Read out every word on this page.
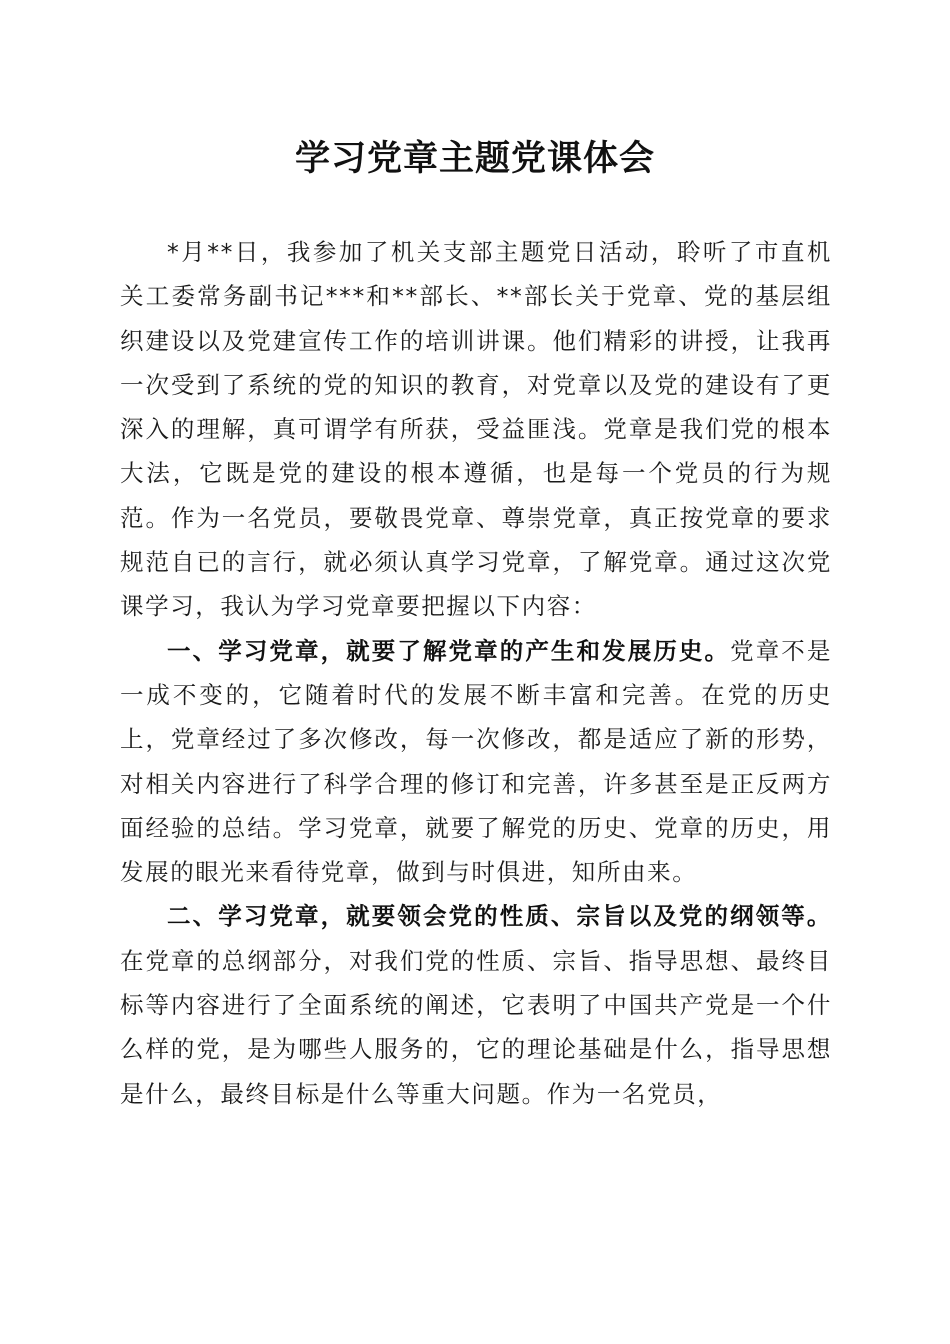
学习党章主题党课体会

*月**日，我参加了机关支部主题党日活动，聆听了市直机关工委常务副书记***和**部长、**部长关于党章、党的基层组织建设以及党建宣传工作的培训讲课。他们精彩的讲授，让我再一次受到了系统的党的知识的教育，对党章以及党的建设有了更深入的理解，真可谓学有所获，受益匪浅。党章是我们党的根本大法，它既是党的建设的根本遵循，也是每一个党员的行为规范。作为一名党员，要敬畏党章、尊崇党章，真正按党章的要求规范自已的言行，就必须认真学习党章，了解党章。通过这次党课学习，我认为学习党章要把握以下内容：

一、学习党章，就要了解党章的产生和发展历史。党章不是一成不变的，它随着时代的发展不断丰富和完善。在党的历史上，党章经过了多次修改，每一次修改，都是适应了新的形势，对相关内容进行了科学合理的修订和完善，许多甚至是正反两方面经验的总结。学习党章，就要了解党的历史、党章的历史，用发展的眼光来看待党章，做到与时俱进，知所由来。

二、学习党章，就要领会党的性质、宗旨以及党的纲领等。在党章的总纲部分，对我们党的性质、宗旨、指导思想、最终目标等内容进行了全面系统的阐述，它表明了中国共产党是一个什么样的党，是为哪些人服务的，它的理论基础是什么，指导思想是什么，最终目标是什么等重大问题。作为一名党员，
